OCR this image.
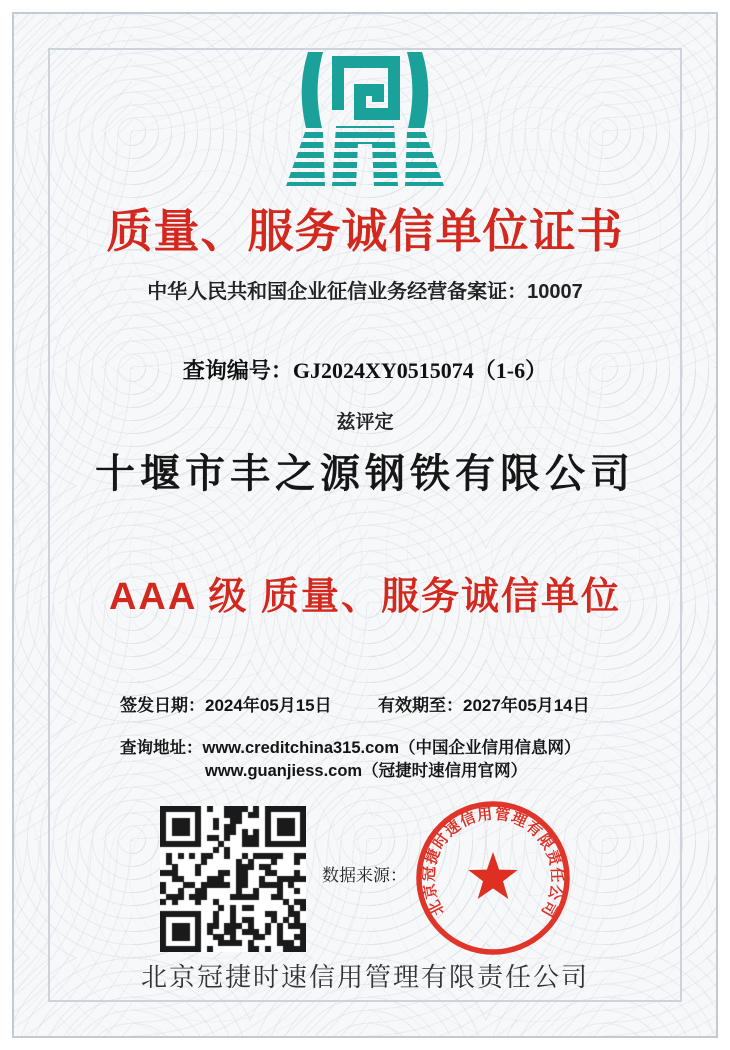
质量、服务诚信单位证书
中华人民共和国企业征信业务经营备案证：10007
查询编号：GJ2024XY0515074（1-6）
兹评定
十堰市丰之源钢铁有限公司
AAA 级 质量、服务诚信单位
签发日期：2024年05月15日	有效期至：2027年05月14日
查询地址：www.creditchina315.com（中国企业信用信息网）
www.guanjiess.com（冠捷时速信用官网）
数据来源：
北京冠捷时速信用管理有限责任公司
北京冠捷时速信用管理有限责任公司
